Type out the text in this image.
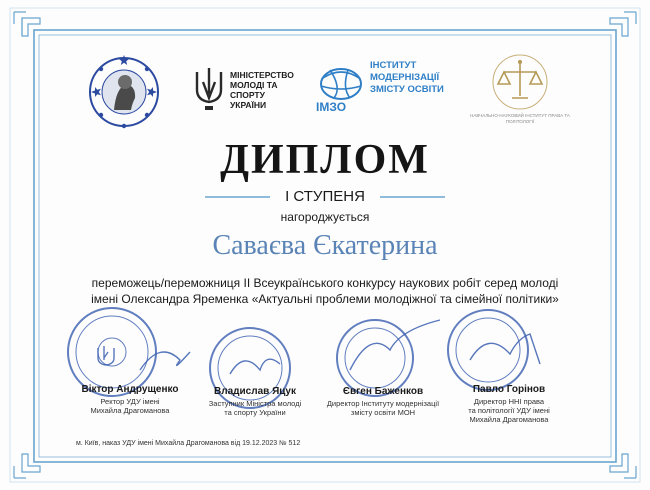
МІНІСТЕРСТВО МОЛОДІ ТА СПОРТУ УКРАЇНИ	ІМЗО
ІНСТИТУТ МОДЕРНІЗАЦІЇ ЗМІСТУ ОСВІТИ
НАВЧАЛЬНО-НАУКОВИЙ ІНСТИТУТ ПРАВА ТА ПОЛІТОЛОГІЇ
ДИПЛОМ
І СТУПЕНЯ
нагороджується
Саваєва Єкатерина
переможець/переможниця ІІ Всеукраїнського конкурсу наукових робіт серед молоді
імені Олександра Яременка «Актуальні проблеми молодіжної та сімейної політики»
Віктор Андрущенко
Ректор УДУ імені
Михайла Драгоманова
Владислав Яцук
Заступник Міністра молоді
та спорту України
Євген Баженков
Директор Інституту модернізації
змісту освіти МОН
Павло Горінов
Директор ННІ права
та політології УДУ імені
Михайла Драгоманова
м. Київ, наказ УДУ імені Михайла Драгоманова від 19.12.2023 № 512
